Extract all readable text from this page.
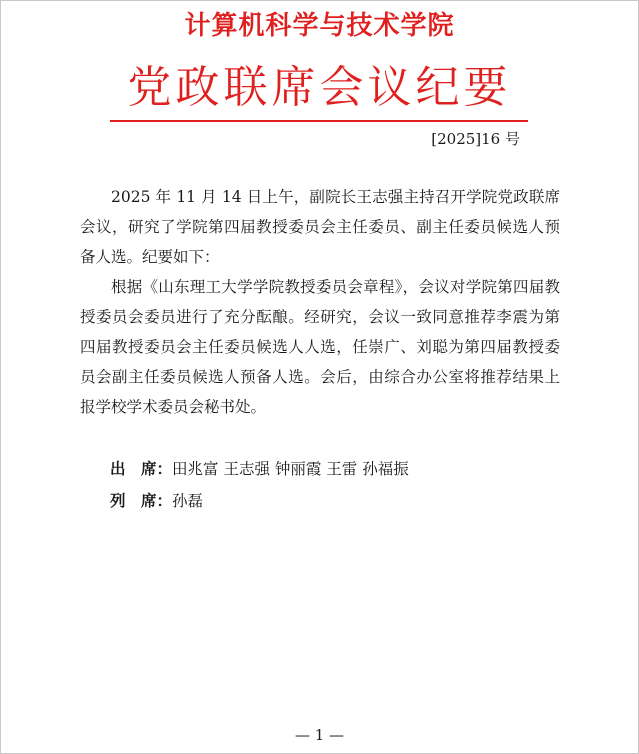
计算机科学与技术学院
党政联席会议纪要
[2025]16 号

2025 年 11 月 14 日上午，副院长王志强主持召开学院党政联席会议，研究了学院第四届教授委员会主任委员、副主任委员候选人预备人选。纪要如下：

根据《山东理工大学学院教授委员会章程》，会议对学院第四届教授委员会委员进行了充分酝酿。经研究，会议一致同意推荐李震为第四届教授委员会主任委员候选人人选，任崇广、刘聪为第四届教授委员会副主任委员候选人预备人选。会后，由综合办公室将推荐结果上报学校学术委员会秘书处。

出　席：田兆富 王志强 钟丽霞 王雷 孙福振
列　席：孙磊
— 1 —
